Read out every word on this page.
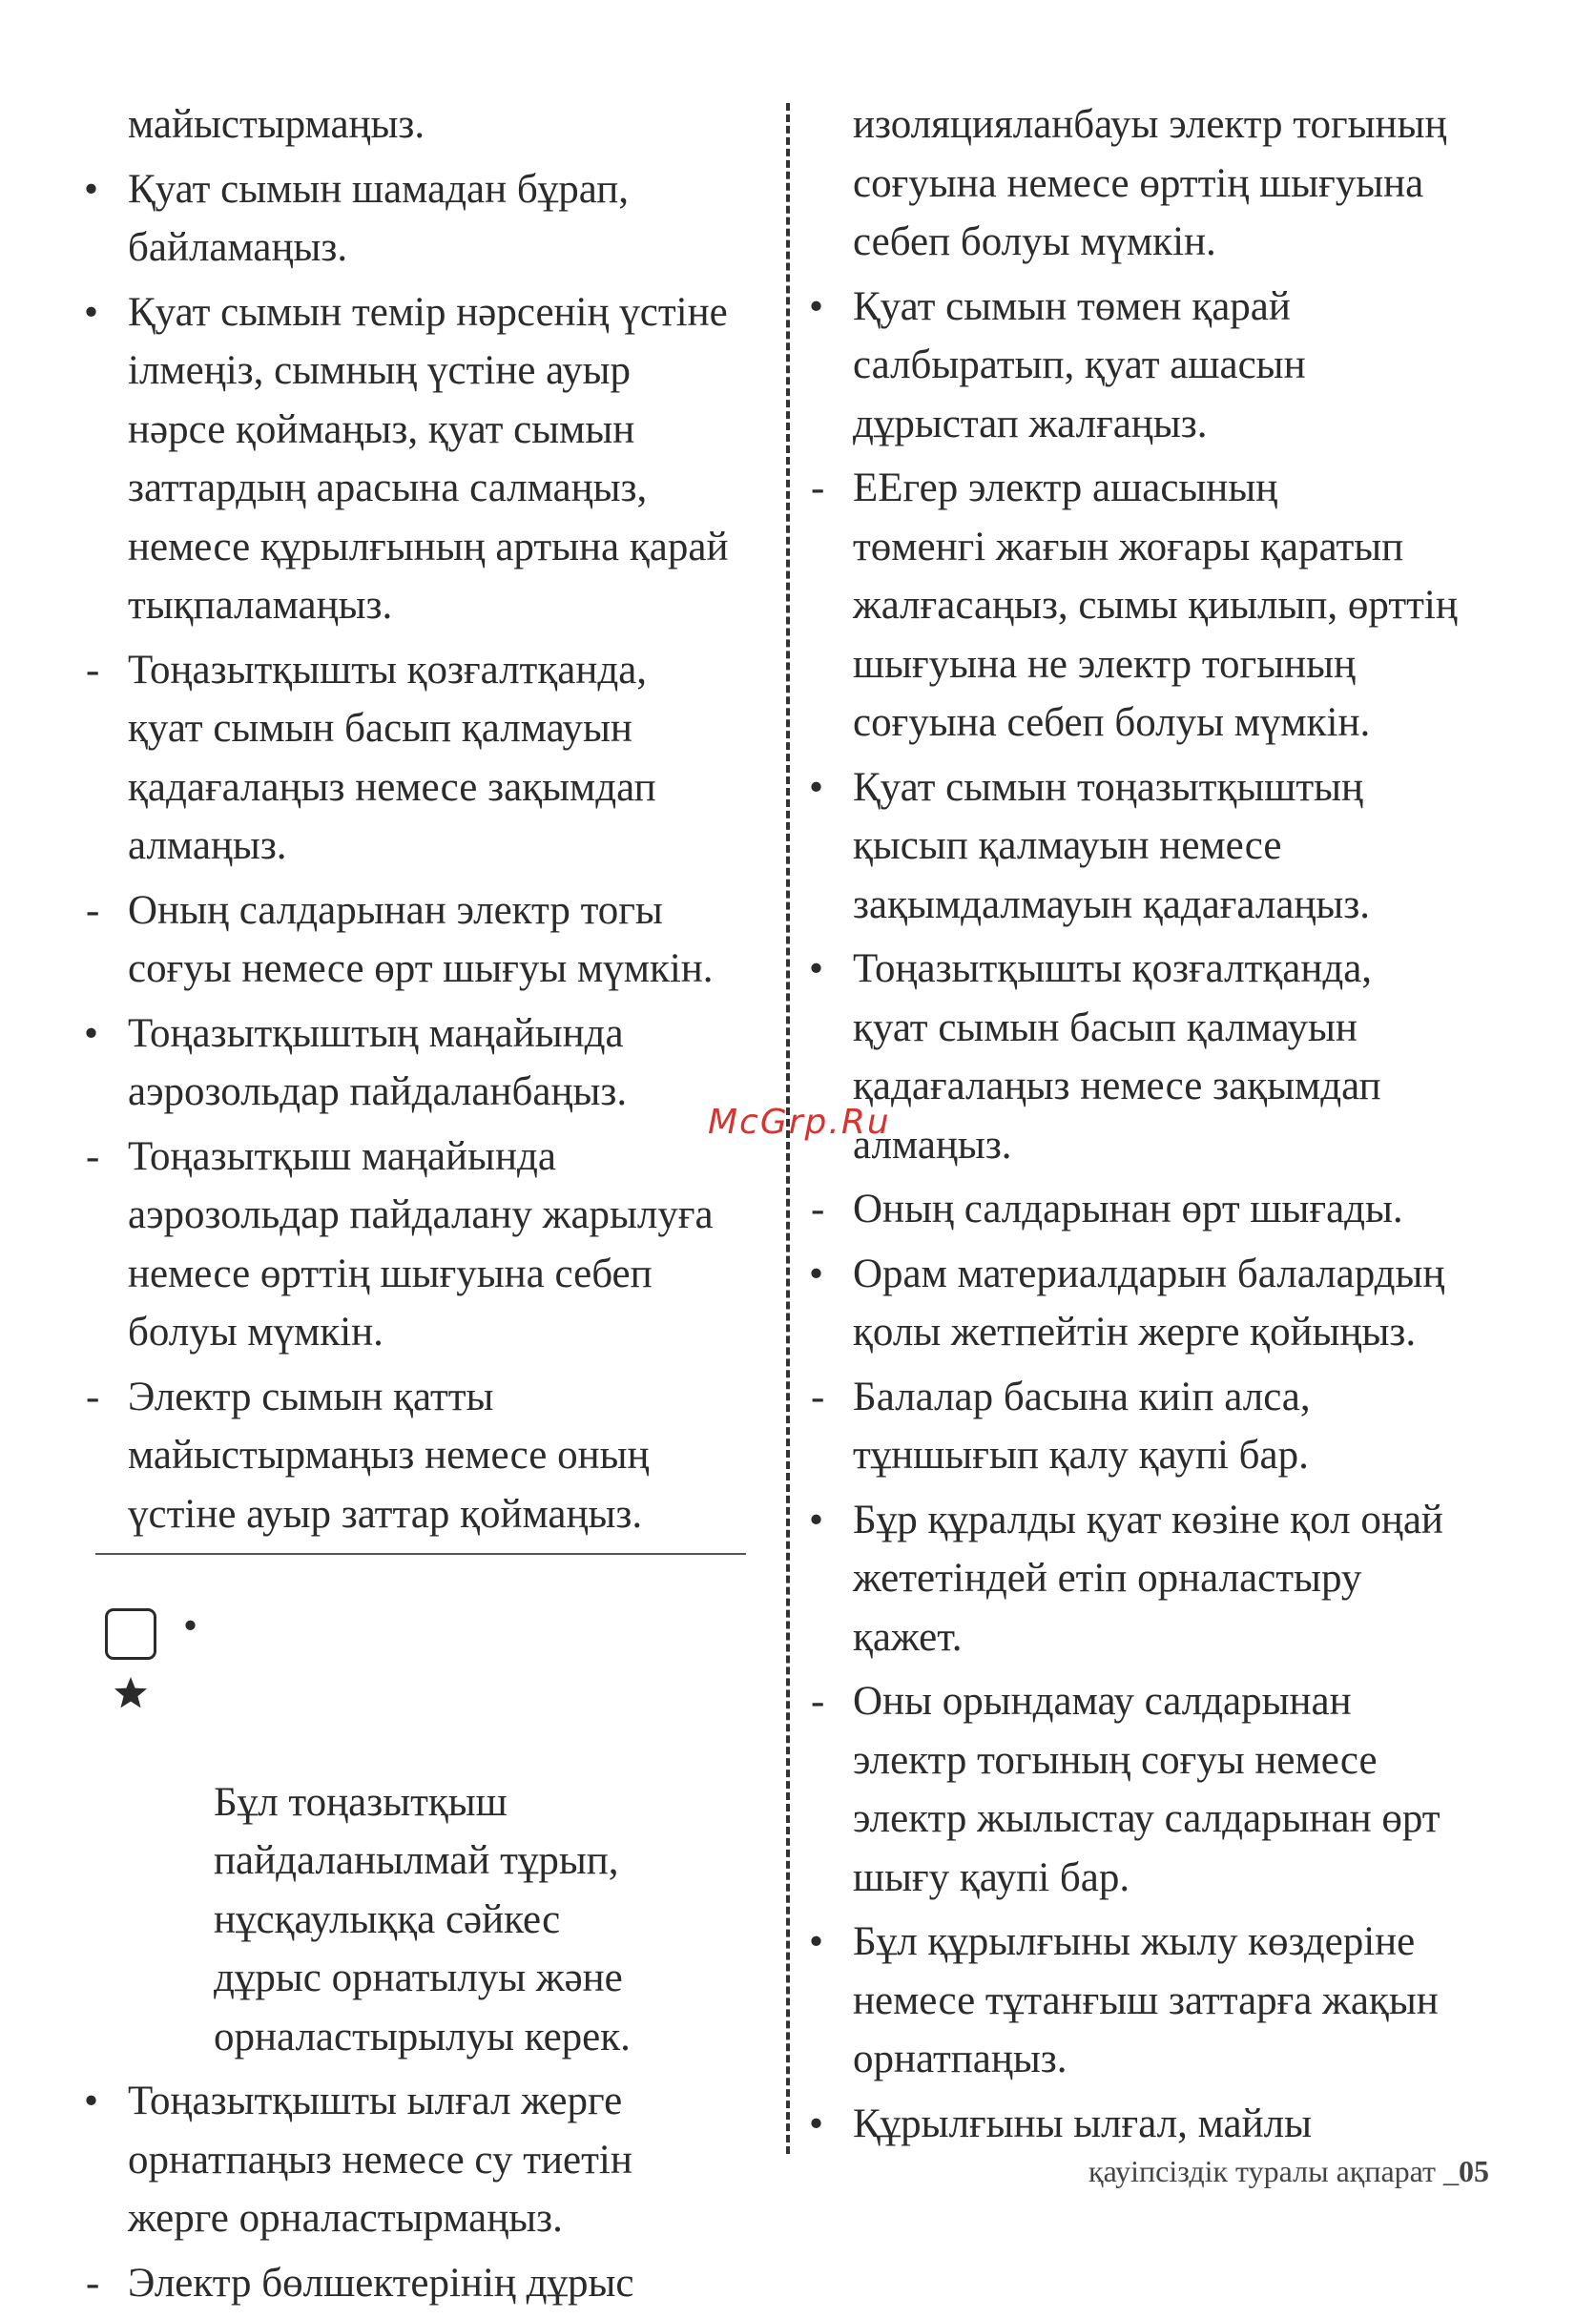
майыстырмаңыз.
• Қуат сымын шамадан бұрап,
байламаңыз.
• Қуат сымын темір нәрсенің үстіне
ілмеңіз, сымның үстіне ауыр
нәрсе қоймаңыз, қуат сымын
заттардың арасына салмаңыз,
немесе құрылғының артына қарай
тықпаламаңыз.
- Тоңазытқышты қозғалтқанда,
қуат сымын басып қалмауын
қадағалаңыз немесе зақымдап
алмаңыз.
- Оның салдарынан электр тогы
соғуы немесе өрт шығуы мүмкін.
• Тоңазытқыштың маңайында
аэрозольдар пайдаланбаңыз.
- Тоңазытқыш маңайында
аэрозольдар пайдалану жарылуға
немесе өрттің шығуына себеп
болуы мүмкін.
- Электр сымын қатты
майыстырмаңыз немесе оның
үстіне ауыр заттар қоймаңыз.

•

Бұл тоңазытқыш
пайдаланылмай тұрып,
нұсқаулыққа сәйкес
дұрыс орнатылуы және
орналастырылуы керек.

• Тоңазытқышты ылғал жерге
орнатпаңыз немесе су тиетін
жерге орналастырмаңыз.
- Электр бөлшектерінің дұрыс
изоляцияланбауы электр тогының
соғуына немесе өрттің шығуына
себеп болуы мүмкін.
• Қуат сымын төмен қарай
салбыратып, қуат ашасын
дұрыстап жалғаңыз.
- ЕЕгер электр ашасының
төменгі жағын жоғары қаратып
жалғасаңыз, сымы қиылып, өрттің
шығуына не электр тогының
соғуына себеп болуы мүмкін.
• Қуат сымын тоңазытқыштың
қысып қалмауын немесе
зақымдалмауын қадағалаңыз.
• Тоңазытқышты қозғалтқанда,
қуат сымын басып қалмауын
қадағалаңыз немесе зақымдап
алмаңыз.
- Оның салдарынан өрт шығады.
• Орам материалдарын балалардың
қолы жетпейтін жерге қойыңыз.
- Балалар басына киіп алса,
тұншығып қалу қаупі бар.
• Бұр құралды қуат көзіне қол оңай
жететіндей етіп орналастыру
қажет.
- Оны орындамау салдарынан
электр тогының соғуы немесе
электр жылыстау салдарынан өрт
шығу қаупі бар.
• Бұл құрылғыны жылу көздеріне
немесе тұтанғыш заттарға жақын
орнатпаңыз.
• Құрылғыны ылғал, майлы
McGrp.Ru
қауіпсіздік туралы ақпарат _05
